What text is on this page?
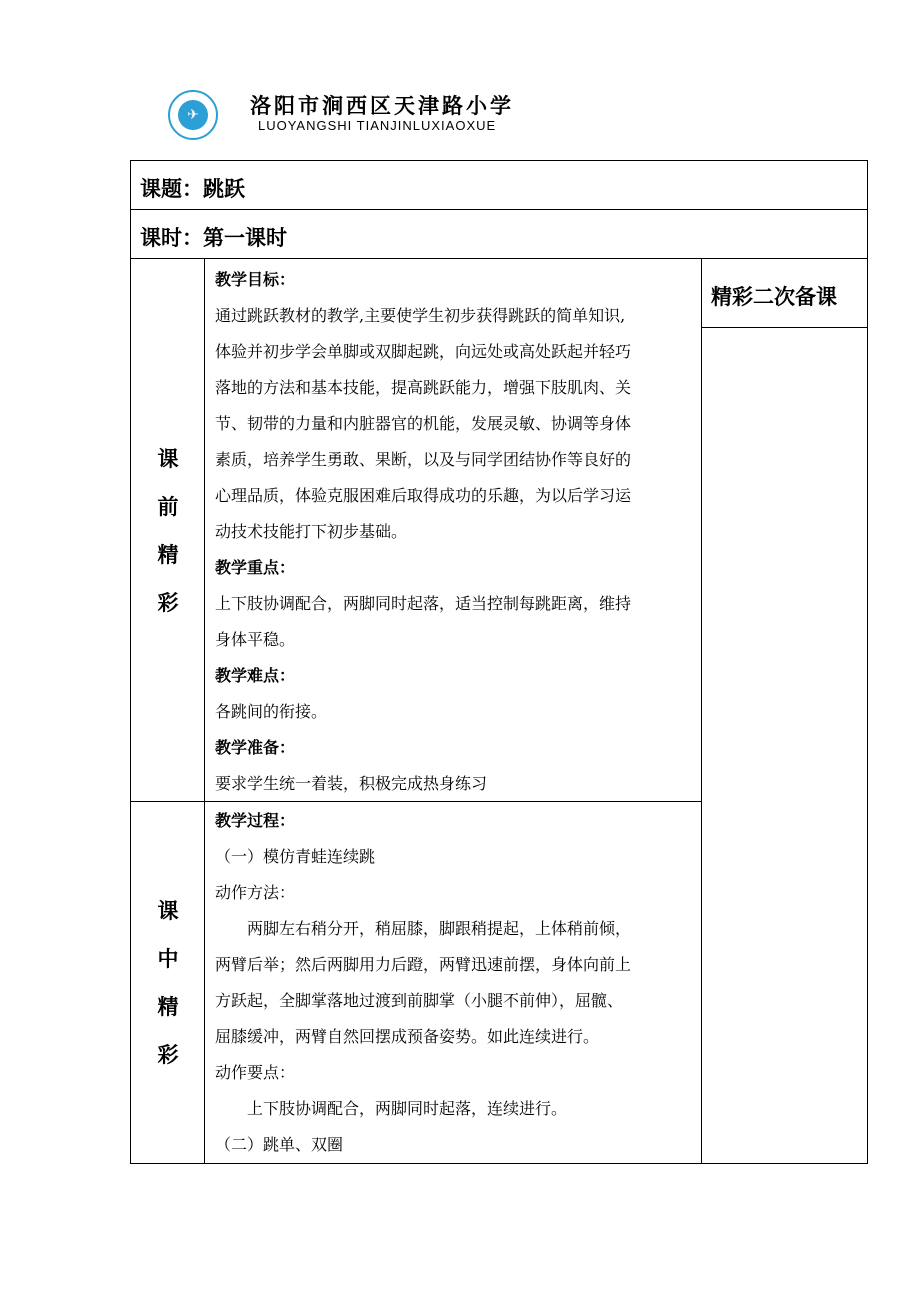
✈	洛阳市涧西区天津路小学
LUOYANGSHI TIANJINLUXIAOXUE
课题：跳跃
课时：第一课时
精彩二次备课
课
前
精
彩
教学目标：
通过跳跃教材的教学,主要使学生初步获得跳跃的简单知识,
体验并初步学会单脚或双脚起跳，向远处或高处跃起并轻巧
落地的方法和基本技能，提高跳跃能力，增强下肢肌肉、关
节、韧带的力量和内脏器官的机能，发展灵敏、协调等身体
素质，培养学生勇敢、果断，以及与同学团结协作等良好的
心理品质，体验克服困难后取得成功的乐趣，为以后学习运
动技术技能打下初步基础。
教学重点：
上下肢协调配合，两脚同时起落，适当控制每跳距离，维持
身体平稳。
教学难点：
各跳间的衔接。
教学准备：
要求学生统一着装，积极完成热身练习
课
中
精
彩
教学过程：
（一）模仿青蛙连续跳
动作方法：
　　两脚左右稍分开，稍屈膝，脚跟稍提起，上体稍前倾，
两臂后举；然后两脚用力后蹬，两臂迅速前摆，身体向前上
方跃起，全脚掌落地过渡到前脚掌（小腿不前伸），屈髋、
屈膝缓冲，两臂自然回摆成预备姿势。如此连续进行。
动作要点：
　　上下肢协调配合，两脚同时起落，连续进行。
（二）跳单、双圈
